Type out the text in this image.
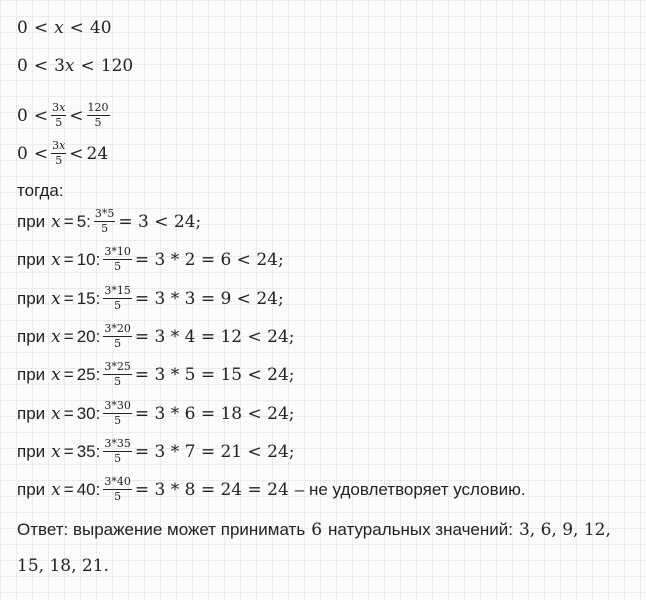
0 < x < 40
0 < 3 x < 120
$0 < \frac{3x}{5} < \frac{120}{5}$
$0 < \frac{3x}{5} < 24$
тогда:
при x = 5: $\frac{3*5}{5} = 3 < 24$;
при x = 10: $\frac{3*10}{5} = 3 * 2 = 6 < 24$;
при x = 15: $\frac{3*15}{5} = 3 * 3 = 9 < 24$;
при x = 20: $\frac{3*20}{5} = 3 * 4 = 12 < 24$;
при x = 25: $\frac{3*25}{5} = 3 * 5 = 15 < 24$;
при x = 30: $\frac{3*30}{5} = 3 * 6 = 18 < 24$;
при x = 35: $\frac{3*35}{5} = 3 * 7 = 21 < 24$;
при x = 40: $\frac{3*40}{5} = 3 * 8 = 24 = 24$ – не удовлетворяет условию.
Ответ: выражение может принимать 6 натуральных значений: 3, 6, 9, 12,
15, 18, 21.
